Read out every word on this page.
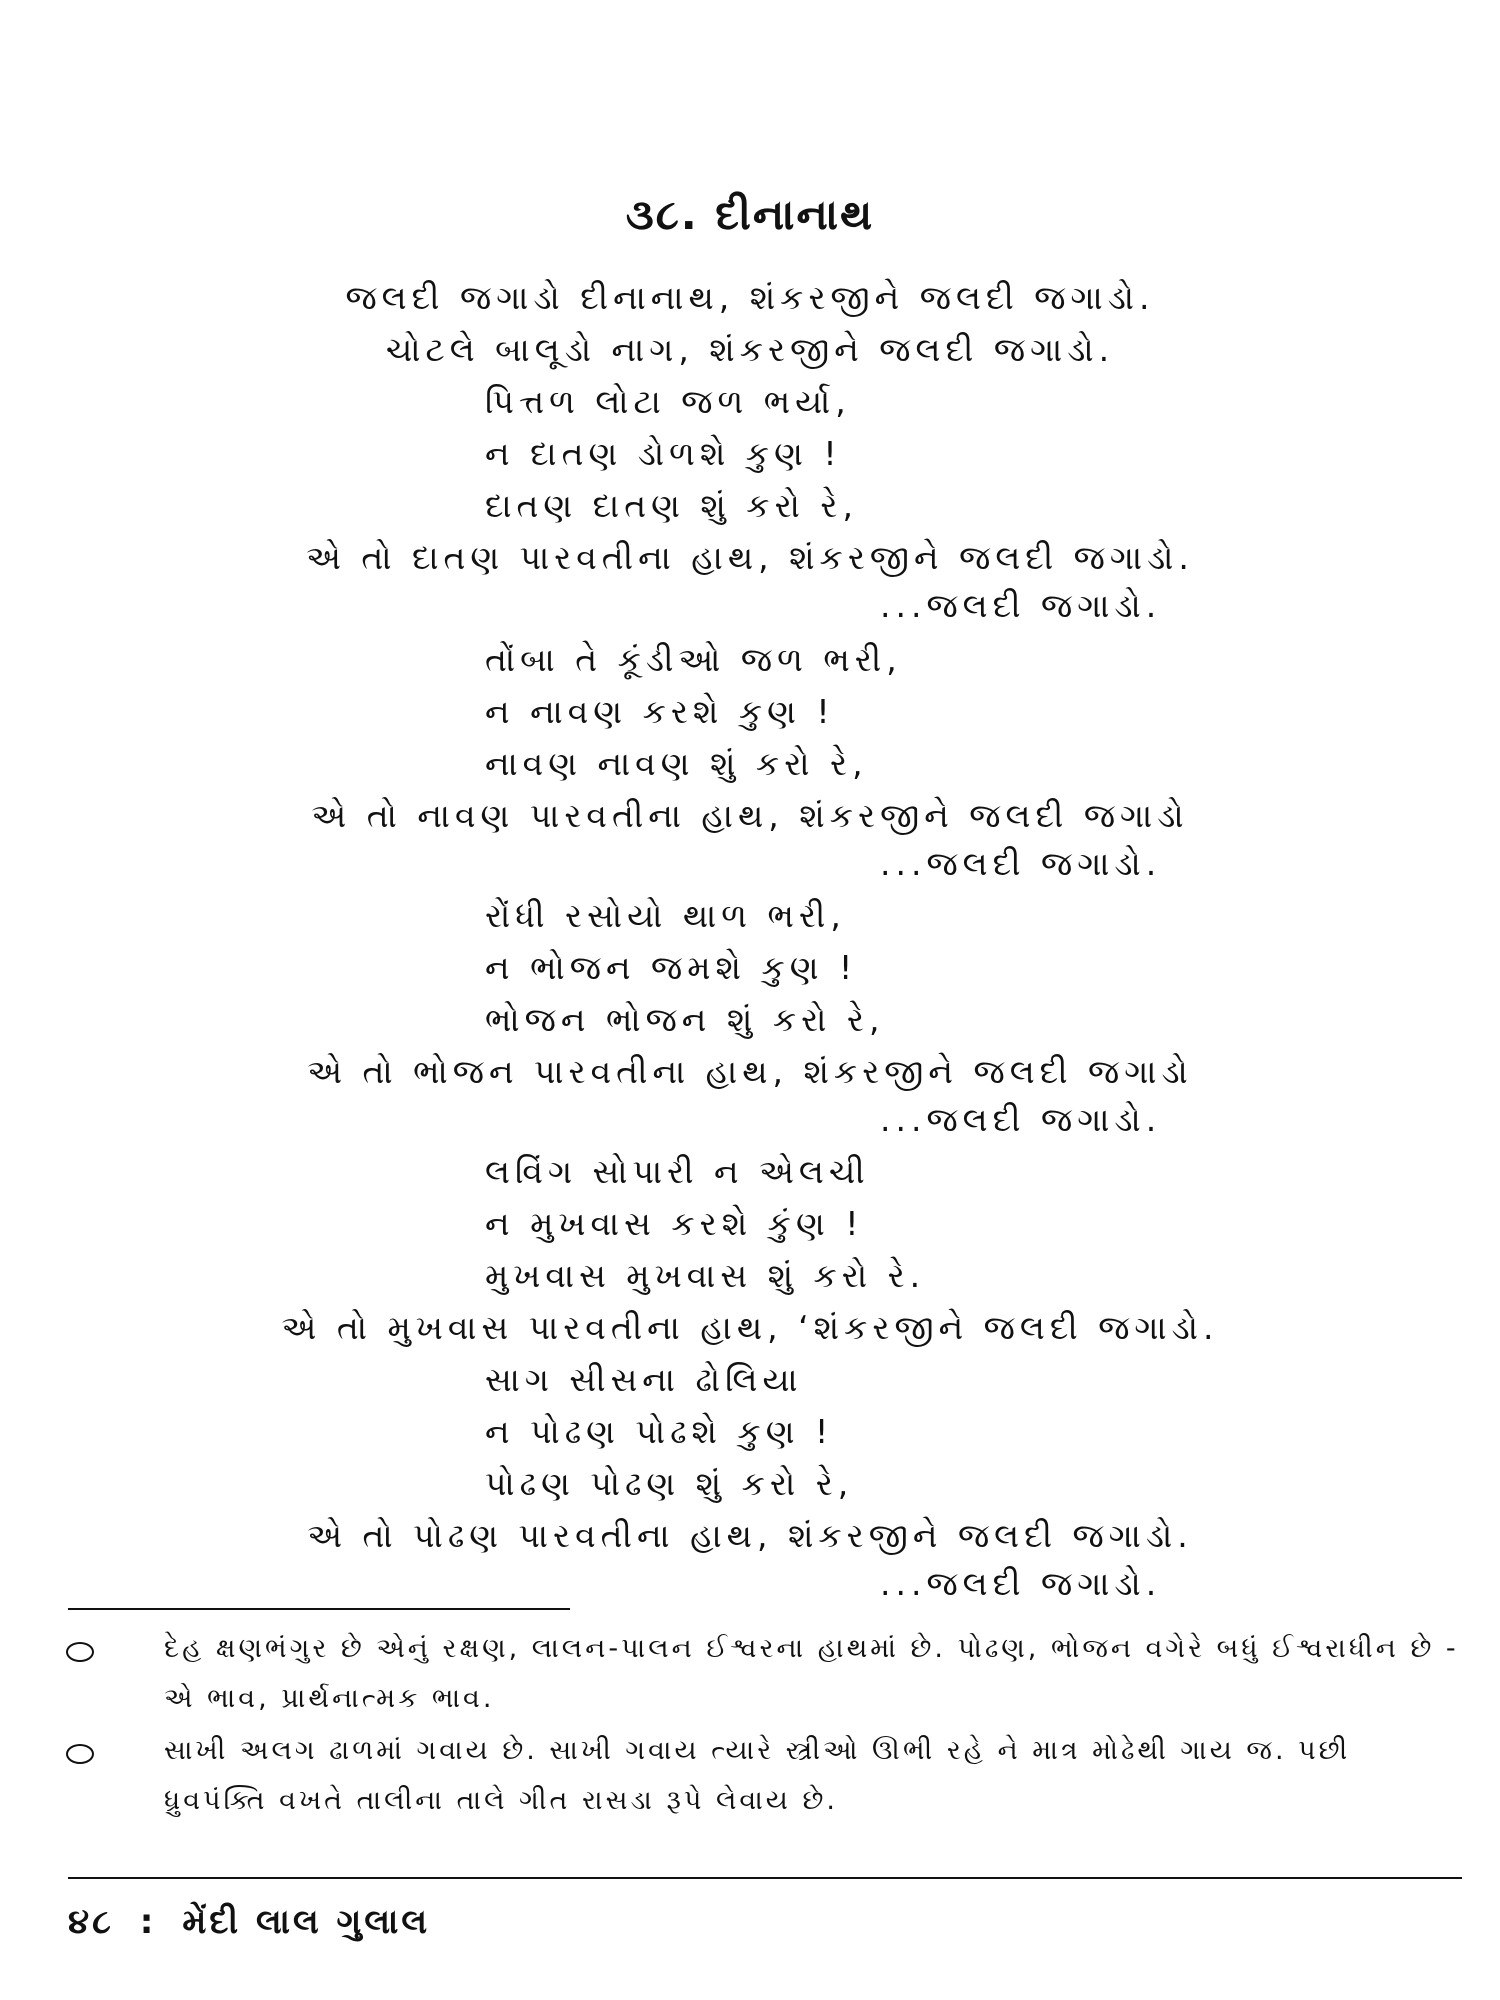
૩૮. દીનાનાથ
જલદી જગાડો દીનાનાથ, શંકરજીને જલદી જગાડો.
ચોટલે બાલૂડો નાગ, શંકરજીને જલદી જગાડો.
પિત્તળ લોટા જળ ભર્યા,
ન દાતણ ડોળશે કુણ !
દાતણ દાતણ શું કરો રે,
એ તો દાતણ પારવતીના હાથ, શંકરજીને જલદી જગાડો.
...જલદી જગાડો.
તોંબા તે કૂંડીઓ જળ ભરી,
ન નાવણ કરશે કુણ !
નાવણ નાવણ શું કરો રે,
એ તો નાવણ પારવતીના હાથ, શંકરજીને જલદી જગાડો
...જલદી જગાડો.
રોંધી રસોયો થાળ ભરી,
ન ભોજન જમશે કુણ !
ભોજન ભોજન શું કરો રે,
એ તો ભોજન પારવતીના હાથ, શંકરજીને જલદી જગાડો
...જલદી જગાડો.
લવિંગ સોપારી ન એલચી
ન મુખવાસ કરશે કુંણ !
મુખવાસ મુખવાસ શું કરો રે.
એ તો મુખવાસ પારવતીના હાથ, ‘શંકરજીને જલદી જગાડો.
સાગ સીસના ઢોલિયા
ન પોઢણ પોઢશે કુણ !
પોઢણ પોઢણ શું કરો રે,
એ તો પોઢણ પારવતીના હાથ, શંકરજીને જલદી જગાડો.
...જલદી જગાડો.
દેહ ક્ષણભંગુર છે એનું રક્ષણ, લાલન-પાલન ઈશ્વરના હાથમાં છે. પોઢણ, ભોજન વગેરે બધું ઈશ્વરાધીન છે - એ ભાવ, પ્રાર્થનાત્મક ભાવ.
સાખી અલગ ઢાળમાં ગવાય છે. સાખી ગવાય ત્યારે સ્ત્રીઓ ઊભી રહે ને માત્ર મોઢેથી ગાય જ. પછી ધ્રુવપંક્તિ વખતે તાલીના તાલે ગીત રાસડા રૂપે લેવાય છે.
૪૮ : મેંદી લાલ ગુલાલ
